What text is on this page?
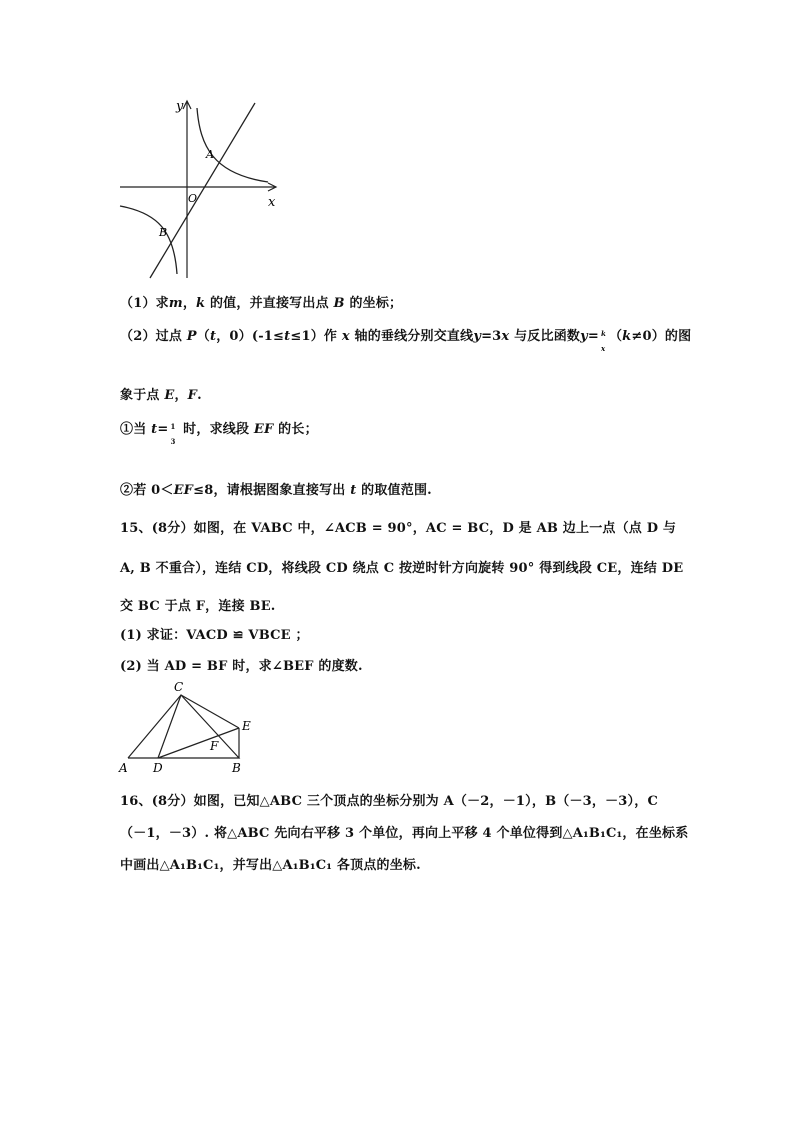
y
x
O
A
B
（1）求m，k 的值，并直接写出点 B 的坐标；
（2）过点 P（t，0）(-1≤t≤1）作 x 轴的垂线分别交直线y=3x 与反比函数y= k
x
（k≠0）的图
象于点 E，F.
①当 t= 1
3
时，求线段 EF 的长；
②若 0＜EF≤8，请根据图象直接写出 t 的取值范围.
15、(8分）如图，在 VABC 中，∠ACB = 90°，AC = BC，D 是 AB 边上一点（点 D 与
A, B 不重合），连结 CD，将线段 CD 绕点 C 按逆时针方向旋转 90° 得到线段 CE，连结 DE
交 BC 于点 F，连接 BE.
(1) 求证：VACD ≌ VBCE ；
(2) 当 AD = BF 时，求∠BEF 的度数.
C
E
F
A D	B
16、(8分）如图，已知△ABC 三个顶点的坐标分别为 A（－2，－1），B（－3，－3），C
（－1，－3）. 将△ABC 先向右平移 3 个单位，再向上平移 4 个单位得到△A₁B₁C₁，在坐标系
中画出△A₁B₁C₁，并写出△A₁B₁C₁ 各顶点的坐标.
